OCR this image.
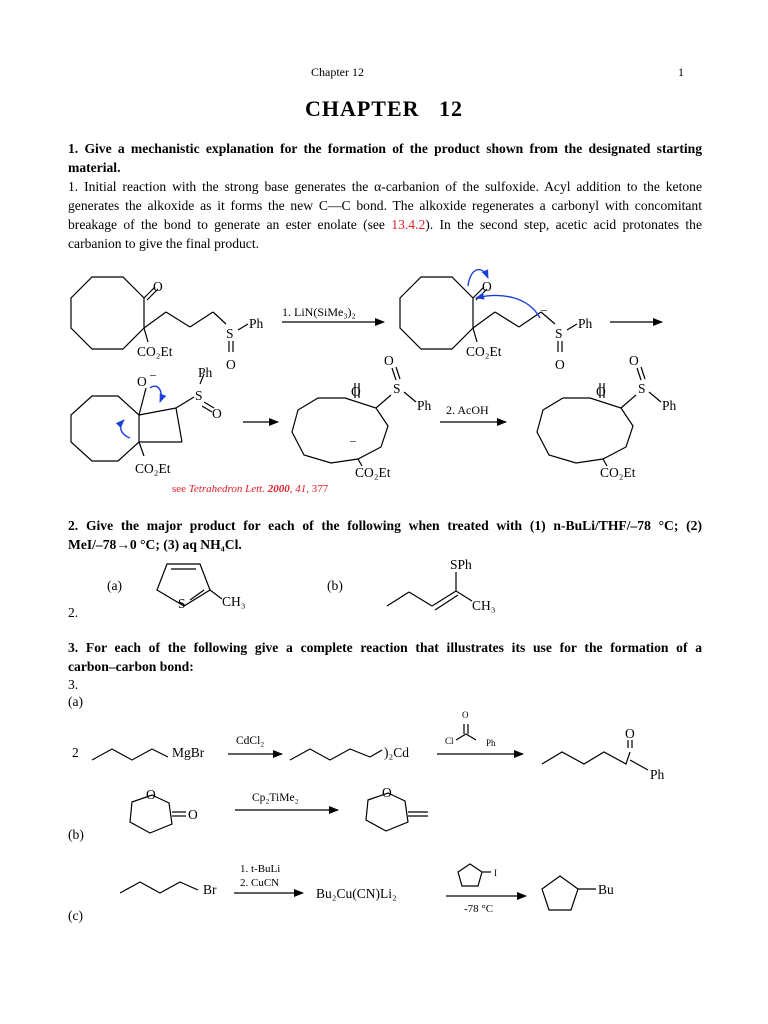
Chapter 12	1
CHAPTER   12
1. Give a mechanistic explanation for the formation of the product shown from the designated starting material.
1. Initial reaction with the strong base generates the α-carbanion of the sulfoxide. Acyl addition to the ketone generates the alkoxide as it forms the new C—C bond. The alkoxide regenerates a carbonyl with concomitant breakage of the bond to generate an ester enolate (see 13.4.2). In the second step, acetic acid protonates the carbanion to give the final product.
O
S
Ph
O
CO₂Et
1. LiN(SiMe₃)₂
O
S
Ph
O
CO₂Et
–
O –
S
Ph
O
CO₂Et
O
O
S
Ph
–
CO₂Et
2. AcOH
O
O
S
Ph
CO₂Et
see Tetrahedron Lett. 2000, 41, 377
S	CH₃
SPh
CH₃
2	MgBr
CdCl₂
)₂Cd
Cl
O
Ph
O
Ph
O
O
Cp₂TiMe₂	O
Br
1. t-BuLi
2. CuCN
Bu₂Cu(CN)Li₂
I
-78 °C
Bu
2. Give the major product for each of the following when treated with (1) n-BuLi/THF/–78 °C; (2)
MeI/–78→0 °C; (3) aq NH₄Cl.
(a)	(b)
2.
3. For each of the following give a complete reaction that illustrates its use for the formation of a
carbon–carbon bond:
3.
(a)
(b)
(c)
